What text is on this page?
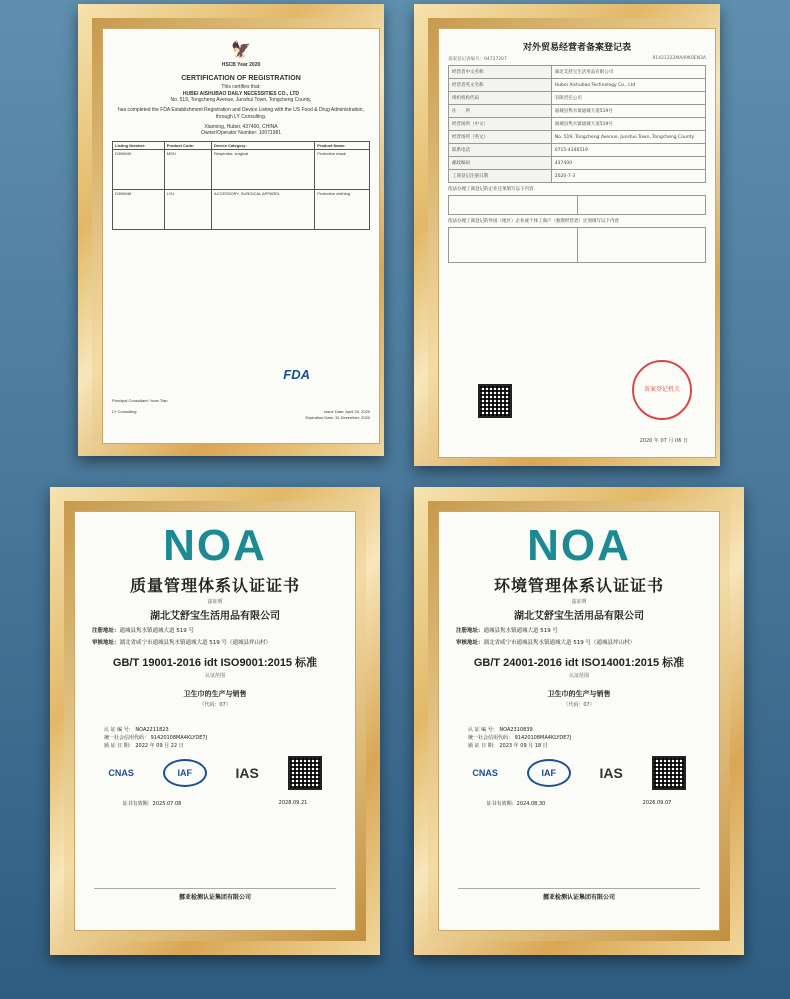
🦅
HSCB Year 2020
CERTIFICATION OF REGISTRATION
This certifies that:
HUBEI AISHUBAO DAILY NECESSITIES CO., LTD
No. 519, Tongcheng Avenue, Junshui Town, Tongcheng County,
has completed the FDA Establishment Registration and Device Listing with the US Food & Drug Administration, through LY Consulting.
Xianning, Hubei, 437400, CHINA
Owner/Operator Number: 10071981
Listing Number:	Product Code:	Device Category:	Product Name:
D398045	MSH	Respirator, surgical	Protective mask
D398048	LYU	ACCESSORY, SURGICAL APPAREL	Protective clothing
FDA
Principal Consultant: Yuan Tian
LY Consulting	Issue Date: April 25, 2020
Expiration Date: 31 December, 2020
对外贸易经营者备案登记表
备案登记表编号：04727207	91421222MA49K0EN3A
经营者中文名称	湖北艾舒宝生活用品有限公司
经营者英文名称	Hubei Aishubao Technology Co., Ltd
组织机构代码	有限责任公司
住　　所	通城县隽水镇通城大道519号
经营场所（中文）	通城县隽水镇通城大道519号
经营场所（英文）	No. 519, Tongcheng Avenue, Junshui Town, Tongcheng County
联系电话	0715-4346519
邮政编码	437400
工商登记注册日期	2020-7-3
依法办理工商登记的企业还须填写以下内容

依法办理工商登记的外国（地区）企业或个体工商户（独资经营者）还须填写以下内容

备案登记机关
2020 年 07 月 06 日
NOA
质量管理体系认证证书
兹证明
湖北艾舒宝生活用品有限公司
注册地址：通城县隽水镇通城大道 519 号
审核地址：湖北省咸宁市通城县隽水镇通城大道 519 号（通城县坪山村）
GB/T 19001-2016 idt ISO9001:2015 标准
认证范围
卫生巾的生产与销售
（代码：07）
认 证 编 号： NOA2211823
统一社会信用代码： 91420108MA4KLYDE7J
颁 证 日 期： 2022 年 09 月 22 日
CNAS	IAF	IAS
证书有效期：2025.07.08	2028.09.21
挪亚检测认证集团有限公司
NOA
环境管理体系认证证书
兹证明
湖北艾舒宝生活用品有限公司
注册地址：通城县隽水镇通城大道 519 号
审核地址：湖北省咸宁市通城县隽水镇通城大道 519 号（通城县坪山村）
GB/T 24001-2016 idt ISO14001:2015 标准
认证范围
卫生巾的生产与销售
（代码：07）
认 证 编 号： NOA2310839
统一社会信用代码： 91420108MA4KLYDE7J
颁 证 日 期： 2023 年 09 月 18 日
CNAS	IAF	IAS
证书有效期：2024.08.30	2026.09.07
挪亚检测认证集团有限公司
